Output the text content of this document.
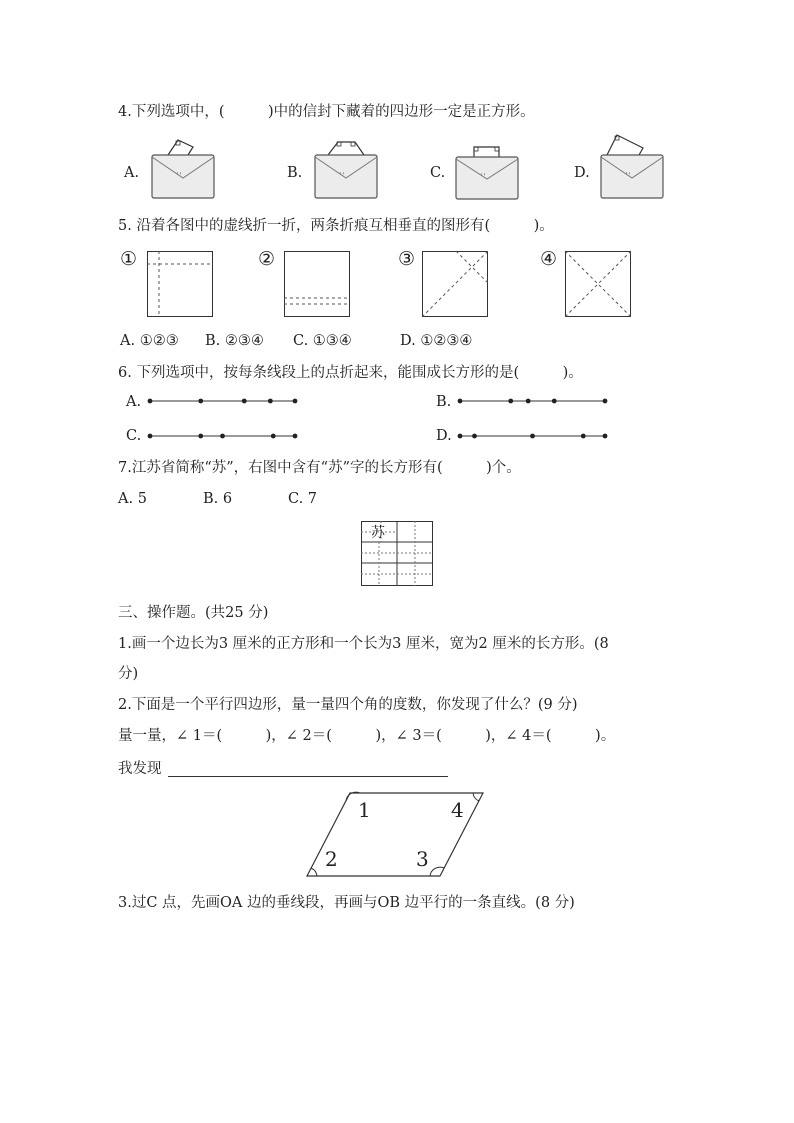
4.下列选项中，(　　　)中的信封下藏着的四边形一定是正方形。
A.	B.	C.	D.
5. 沿着各图中的虚线折一折，两条折痕互相垂直的图形有(　　　)。
①	②	③	④
A. ①②③ B. ②③④ C. ①③④	D. ①②③④
6. 下列选项中，按每条线段上的点折起来，能围成长方形的是(　　　)。
A.	B.
C.	D.
7.江苏省简称“苏”，右图中含有“苏”字的长方形有(　　　)个。
A. 5	B. 6	C. 7
苏
三、操作题。(共25 分)
1.画一个边长为3 厘米的正方形和一个长为3 厘米，宽为2 厘米的长方形。(8
分)
2.下面是一个平行四边形，量一量四个角的度数，你发现了什么？(9 分)
量一量，∠ 1＝(　　　)，∠ 2＝(　　　)，∠ 3＝(　　　)，∠ 4＝(　　　)。
我发现
1	4
2	3
3.过C 点，先画OA 边的垂线段，再画与OB 边平行的一条直线。(8 分)
